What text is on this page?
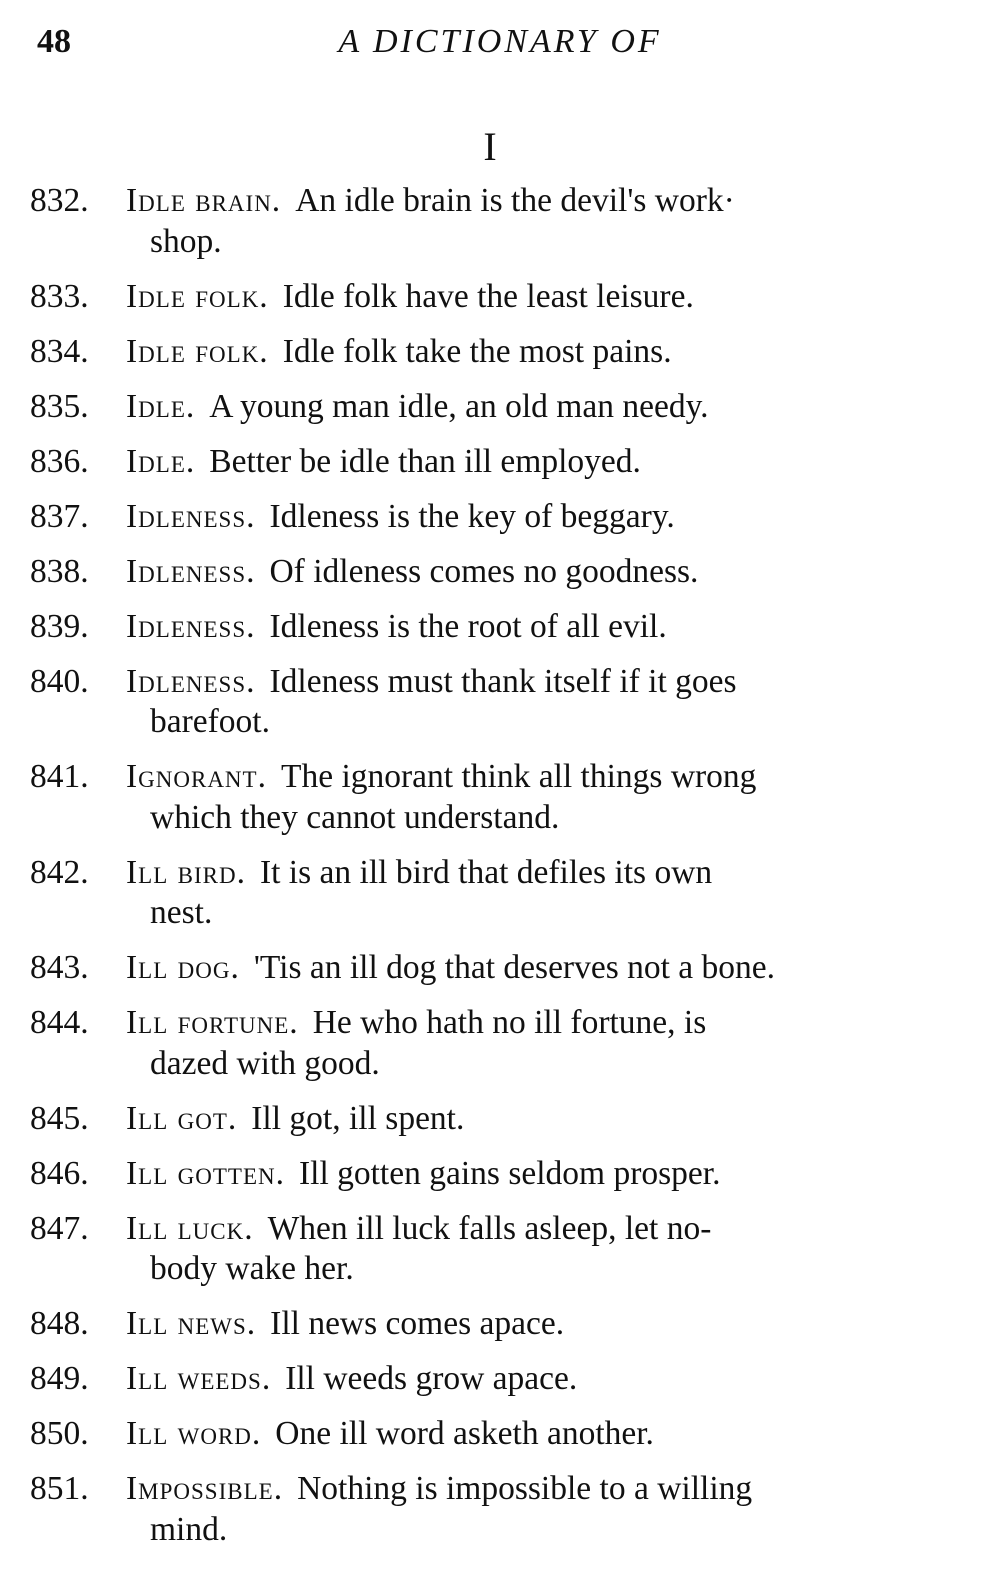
48	A DICTIONARY OF
I
832.	Idle brain. An idle brain is the devil's work·
shop.
833.	Idle folk. Idle folk have the least leisure.
834.	Idle folk. Idle folk take the most pains.
835.	Idle. A young man idle, an old man needy.
836.	Idle. Better be idle than ill employed.
837.	Idleness. Idleness is the key of beggary.
838.	Idleness. Of idleness comes no goodness.
839.	Idleness. Idleness is the root of all evil.
840.	Idleness. Idleness must thank itself if it goes
barefoot.
841.	Ignorant. The ignorant think all things wrong
which they cannot understand.
842.	Ill bird. It is an ill bird that defiles its own
nest.
843.	Ill dog. 'Tis an ill dog that deserves not a bone.
844.	Ill fortune. He who hath no ill fortune, is
dazed with good.
845.	Ill got. Ill got, ill spent.
846.	Ill gotten. Ill gotten gains seldom prosper.
847.	Ill luck. When ill luck falls asleep, let no-
body wake her.
848.	Ill news. Ill news comes apace.
849.	Ill weeds. Ill weeds grow apace.
850.	Ill word. One ill word asketh another.
851.	Impossible. Nothing is impossible to a willing
mind.
